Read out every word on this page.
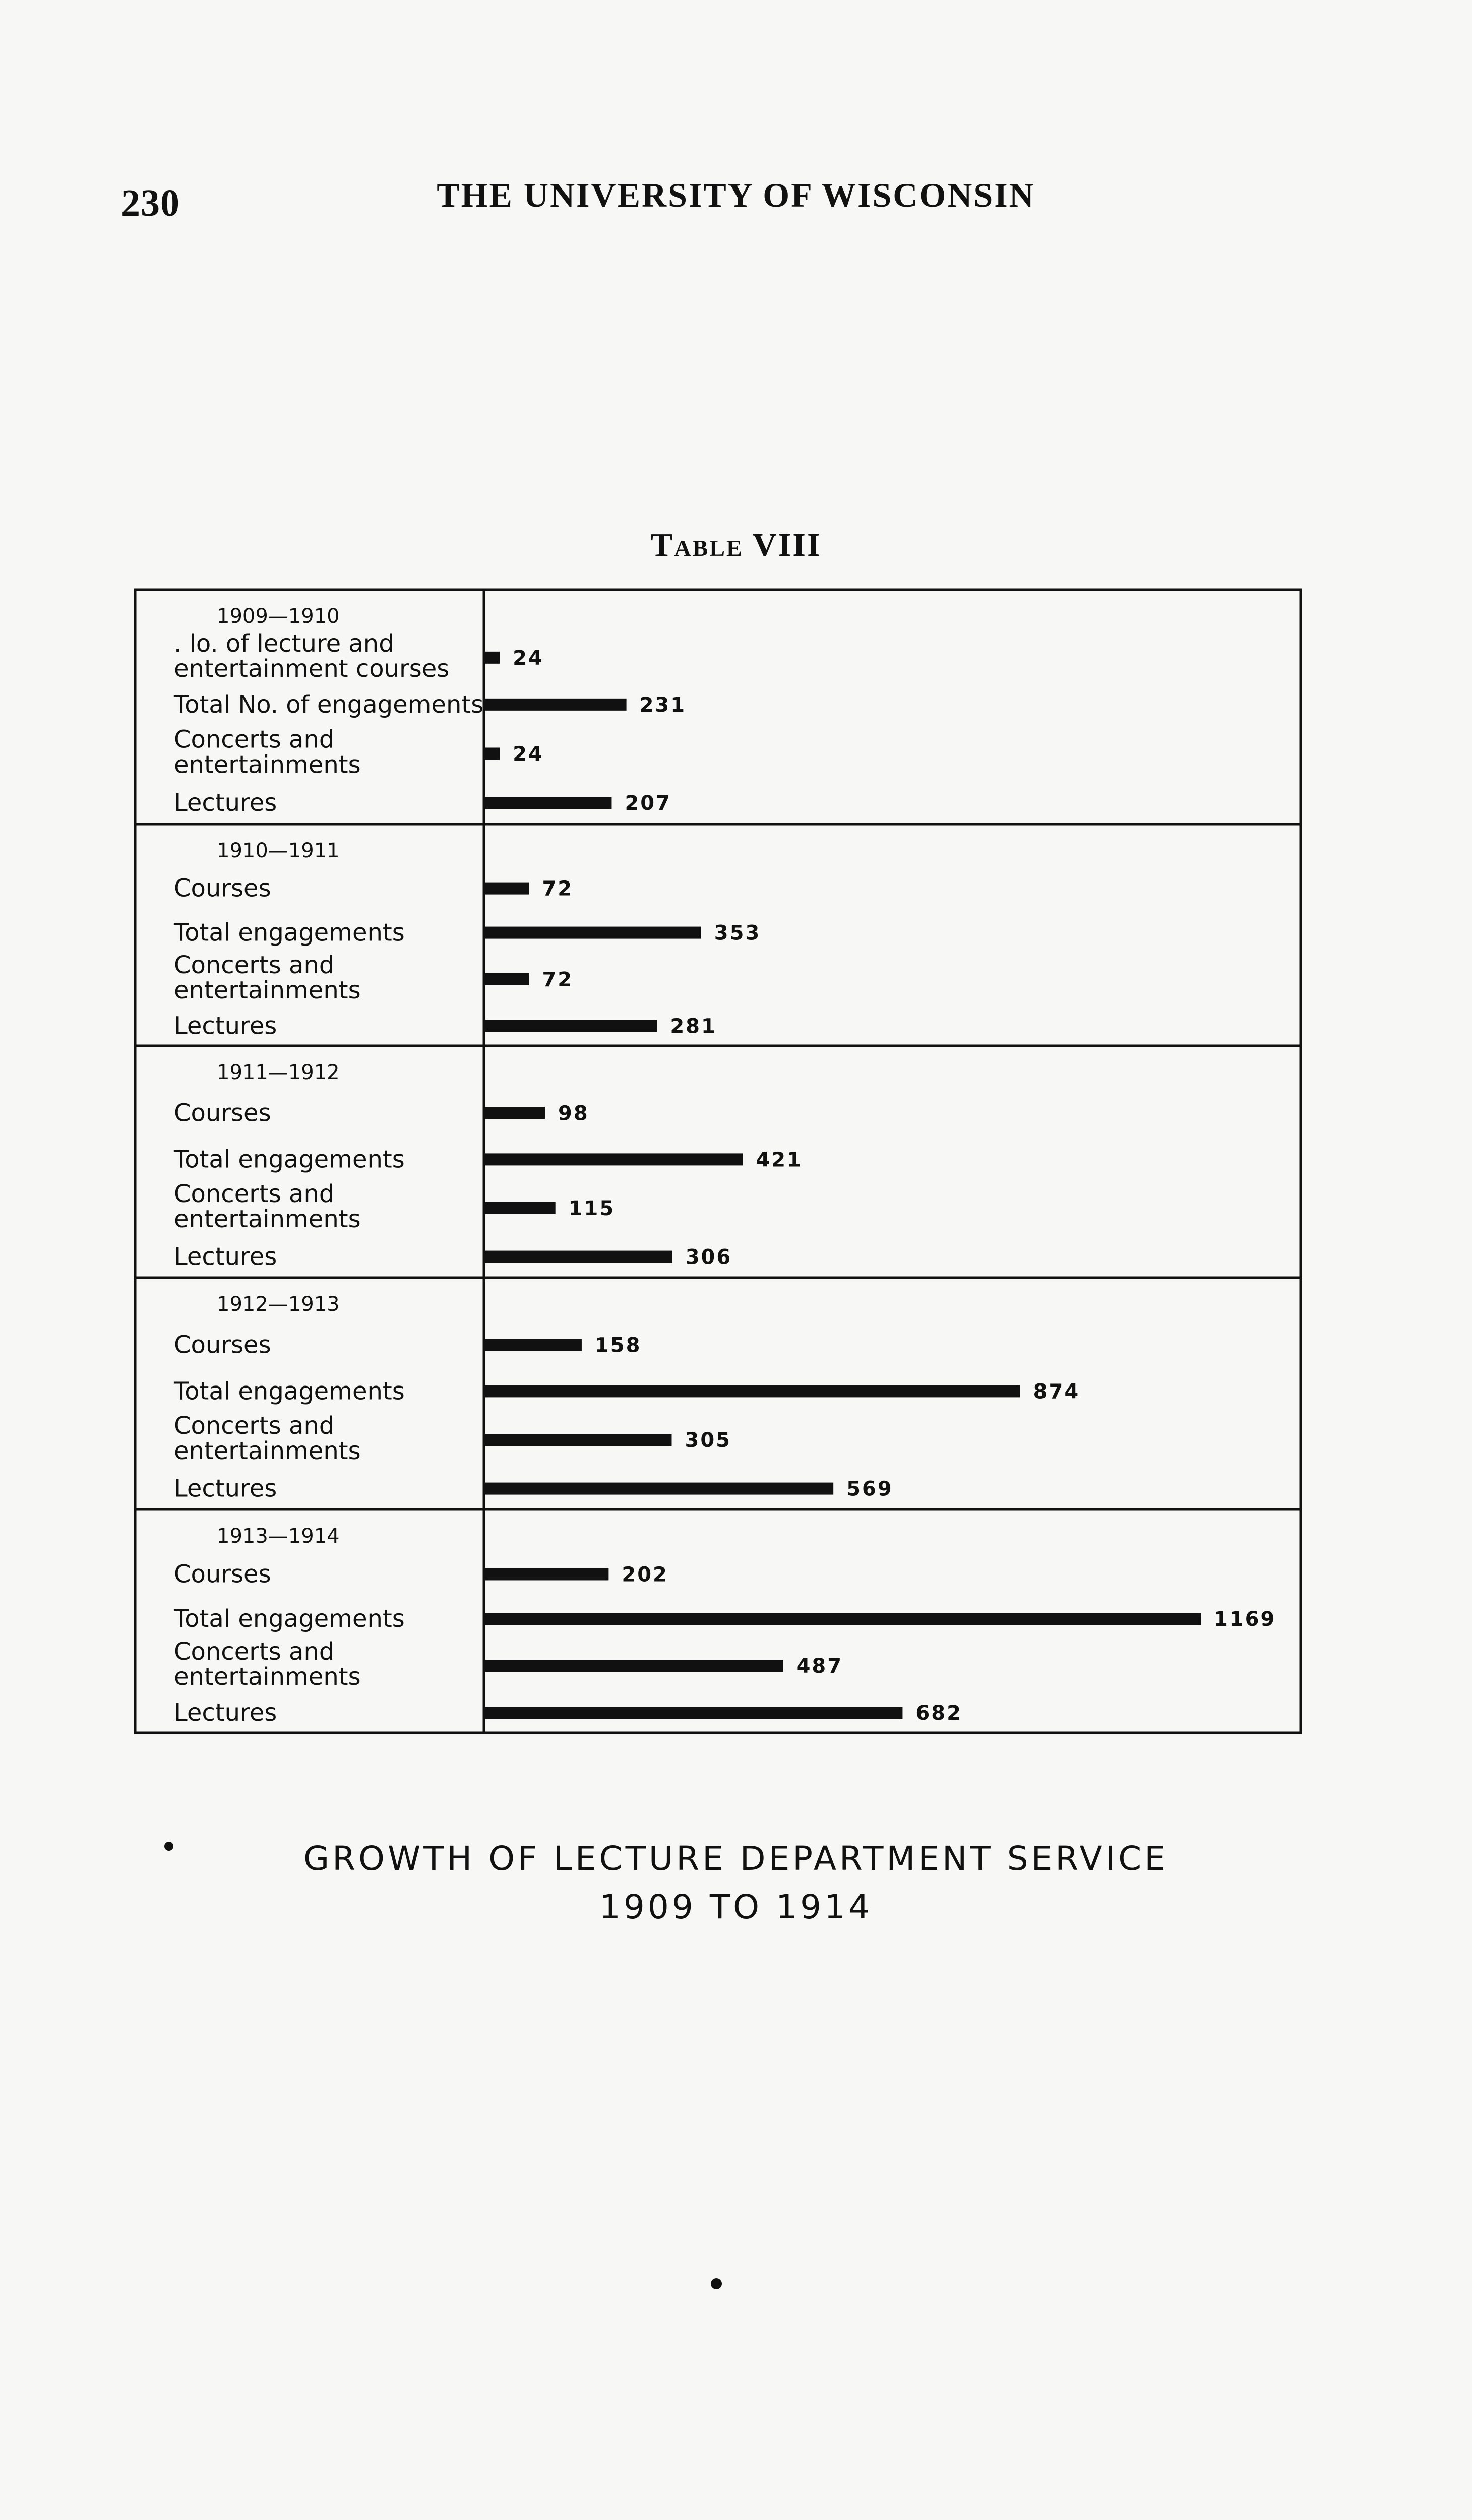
230	THE UNIVERSITY OF WISCONSIN
Table VIII
1909—1910
. lo. of lecture and
entertainment courses	24
Total No. of engagements	231
Concerts and
entertainments	24
Lectures	207
1910—1911
Courses	72
Total engagements	353
Concerts and
entertainments	72
Lectures	281
1911—1912
Courses	98
Total engagements	421
Concerts and
entertainments	115
Lectures	306
1912—1913
Courses	158
Total engagements	874
Concerts and
entertainments	305
Lectures	569
1913—1914
Courses	202
Total engagements	1169
Concerts and
entertainments	487
Lectures	682
GROWTH OF LECTURE DEPARTMENT SERVICE
1909 TO 1914
